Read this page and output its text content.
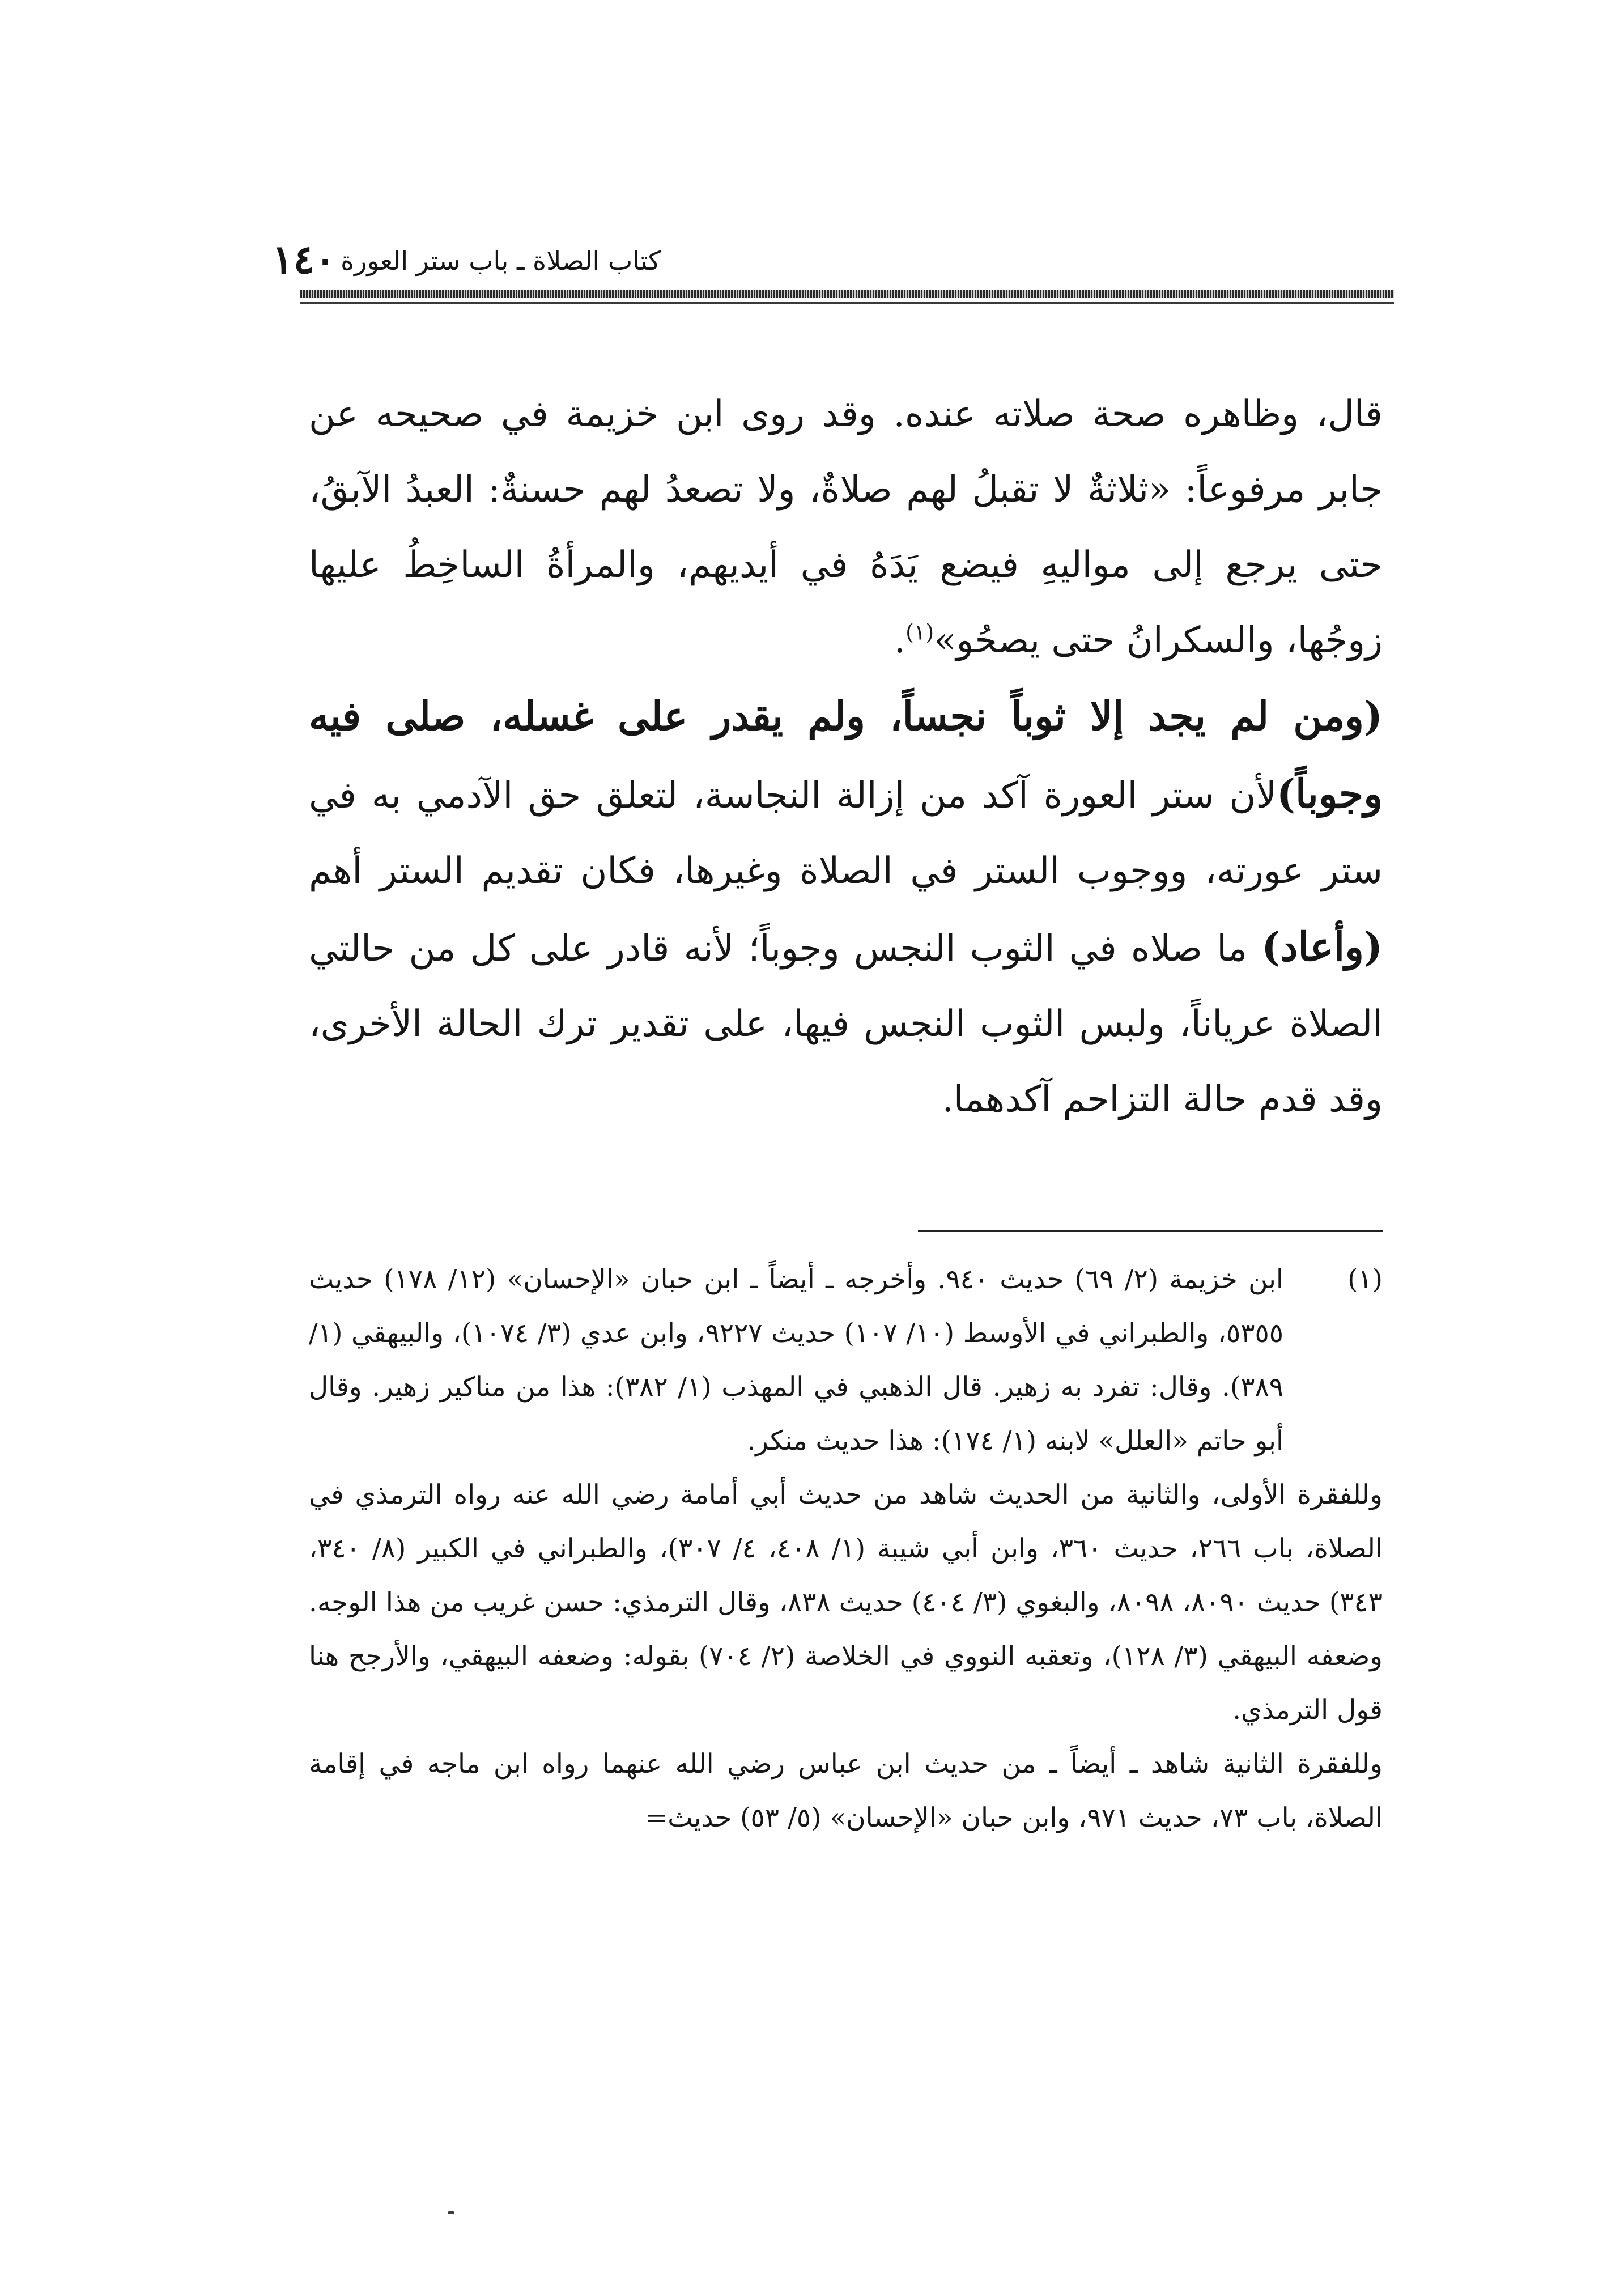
كتاب الصلاة ـ باب ستر العورة
١٤٠

قال، وظاهره صحة صلاته عنده. وقد روى ابن خزيمة في صحيحه عن جابر مرفوعاً: «ثلاثةٌ لا تقبلُ لهم صلاةٌ، ولا تصعدُ لهم حسنةٌ: العبدُ الآبقُ، حتى يرجع إلى مواليهِ فيضع يَدَهُ في أيديهم، والمرأةُ الساخِطُ عليها زوجُها، والسكرانُ حتى يصحُو»$^{(١)}$.

(ومن لم يجد إلا ثوباً نجساً، ولم يقدر على غسله، صلى فيه وجوباً)لأن ستر العورة آكد من إزالة النجاسة، لتعلق حق الآدمي به في ستر عورته، ووجوب الستر في الصلاة وغيرها، فكان تقديم الستر أهم (وأعاد) ما صلاه في الثوب النجس وجوباً؛ لأنه قادر على كل من حالتي الصلاة عرياناً، ولبس الثوب النجس فيها، على تقدير ترك الحالة الأخرى، وقد قدم حالة التزاحم آكدهما.

(١)
ابن خزيمة (٢/ ٦٩) حديث ٩٤٠. وأخرجه ـ أيضاً ـ ابن حبان «الإحسان» (١٢/ ١٧٨) حديث ٥٣٥٥، والطبراني في الأوسط (١٠/ ١٠٧) حديث ٩٢٢٧، وابن عدي (٣/ ١٠٧٤)، والبيهقي (١/ ٣٨٩). وقال: تفرد به زهير. قال الذهبي في المهذب (١/ ٣٨٢): هذا من مناكير زهير. وقال أبو حاتم «العلل» لابنه (١/ ١٧٤): هذا حديث منكر.

وللفقرة الأولى، والثانية من الحديث شاهد من حديث أبي أمامة رضي الله عنه رواه الترمذي في الصلاة، باب ٢٦٦، حديث ٣٦٠، وابن أبي شيبة (١/ ٤٠٨، ٤/ ٣٠٧)، والطبراني في الكبير (٨/ ٣٤٠، ٣٤٣) حديث ٨٠٩٠، ٨٠٩٨، والبغوي (٣/ ٤٠٤) حديث ٨٣٨، وقال الترمذي: حسن غريب من هذا الوجه. وضعفه البيهقي (٣/ ١٢٨)، وتعقبه النووي في الخلاصة (٢/ ٧٠٤) بقوله: وضعفه البيهقي، والأرجح هنا قول الترمذي.

وللفقرة الثانية شاهد ـ أيضاً ـ من حديث ابن عباس رضي الله عنهما رواه ابن ماجه في إقامة الصلاة، باب ٧٣، حديث ٩٧١، وابن حبان «الإحسان» (٥/ ٥٣) حديث=
